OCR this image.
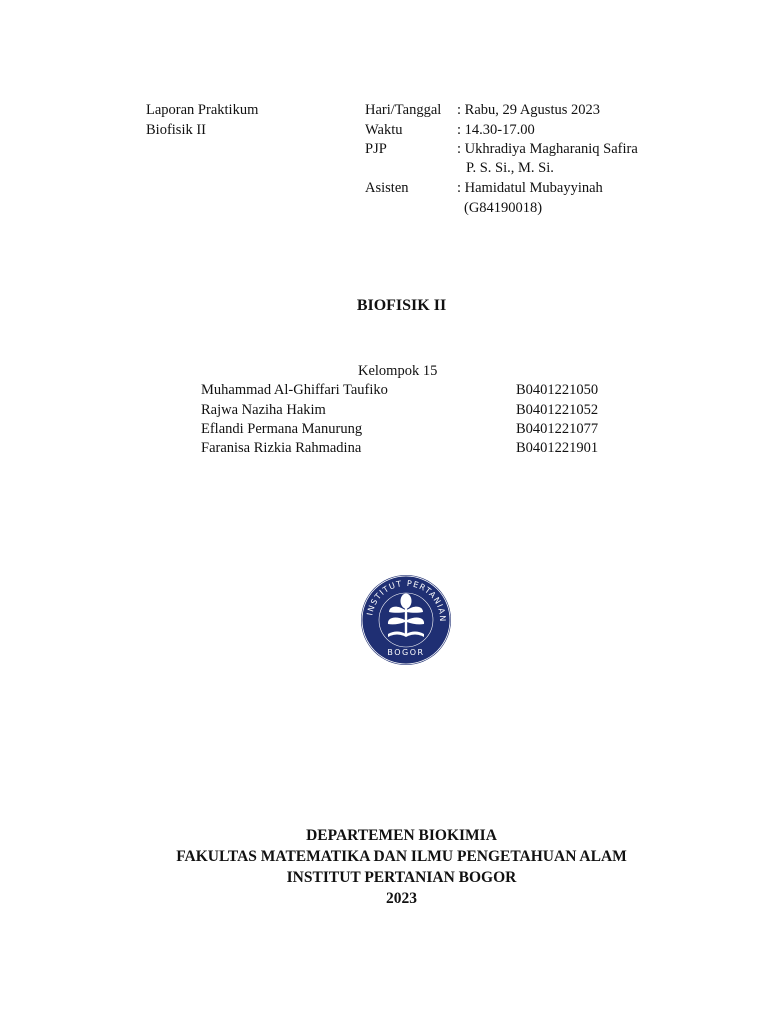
Laporan Praktikum
Biofisik II
Hari/Tanggal : Rabu, 29 Agustus 2023
Waktu	: 14.30-17.00
PJP	: Ukhradiya Magharaniq Safira
P. S. Si., M. Si.
Asisten	: Hamidatul Mubayyinah
(G84190018)
BIOFISIK II
Kelompok 15
Muhammad Al-Ghiffari Taufiko	B0401221050
Rajwa Naziha Hakim	B0401221052
Eflandi Permana Manurung	B0401221077
Faranisa Rizkia Rahmadina	B0401221901
INSTITUT PERTANIAN
BOGOR
DEPARTEMEN BIOKIMIA
FAKULTAS MATEMATIKA DAN ILMU PENGETAHUAN ALAM
INSTITUT PERTANIAN BOGOR
2023
